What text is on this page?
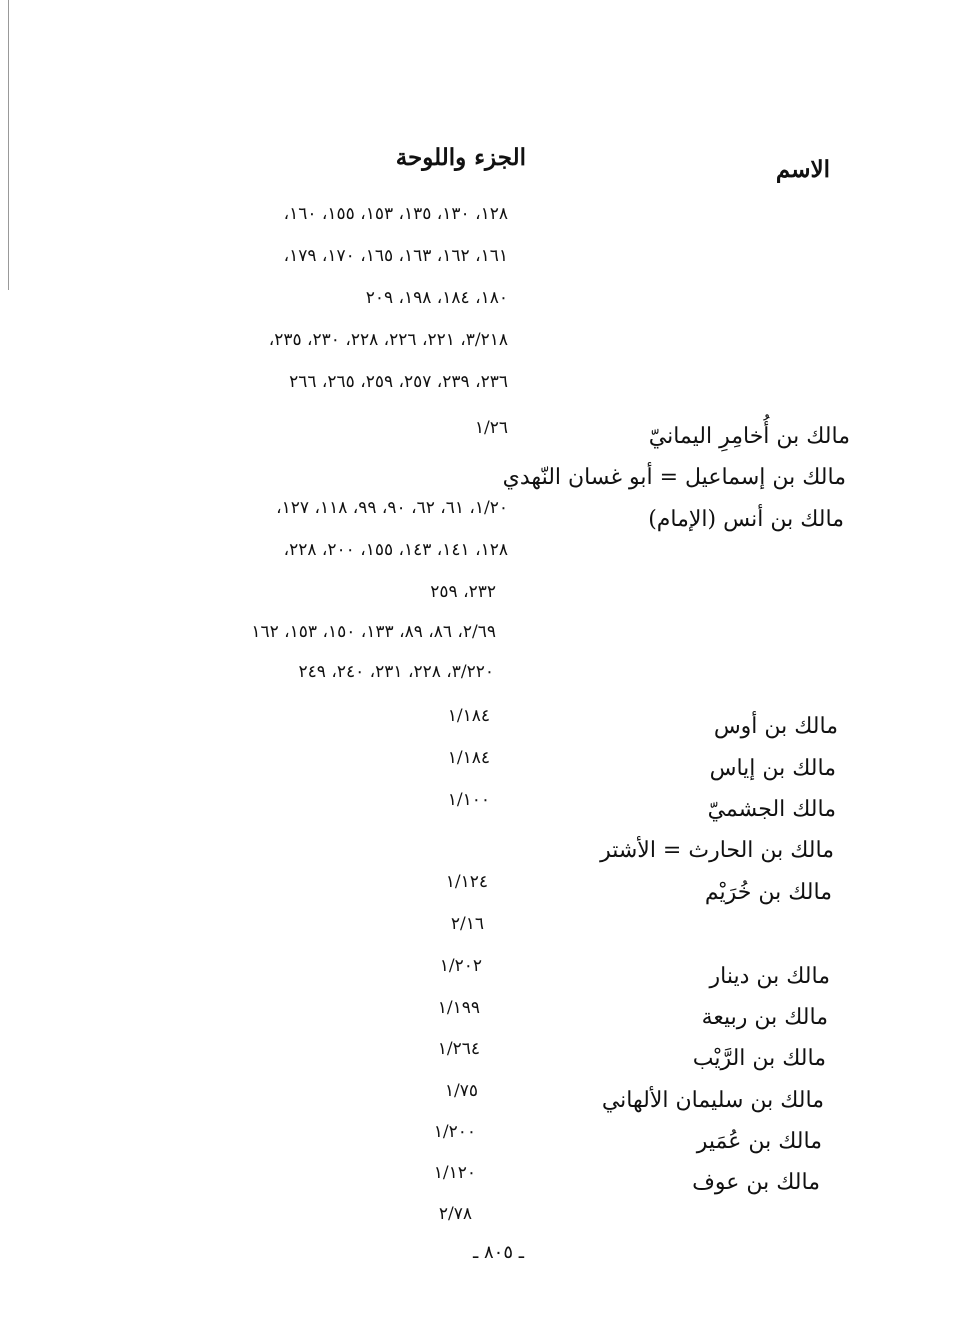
الاسم
الجزء واللوحة
١٢٨، ١٣٠، ١٣٥، ١٥٣، ١٥٥، ١٦٠،
١٦١، ١٦٢، ١٦٣، ١٦٥، ١٧٠، ١٧٩،
١٨٠، ١٨٤، ١٩٨، ٢٠٩
٣/٢١٨، ٢٢١، ٢٢٦، ٢٢٨، ٢٣٠، ٢٣٥،
٢٣٦، ٢٣٩، ٢٥٧، ٢٥٩، ٢٦٥، ٢٦٦
مالك بن أُخامِرِ اليمانيّ
١/٢٦
مالك بن إسماعيل = أبو غسان النّهدي
مالك بن أنس (الإمام)
١/٢٠، ٦١، ٦٢، ٩٠، ٩٩، ١١٨، ١٢٧،
١٢٨، ١٤١، ١٤٣، ١٥٥، ٢٠٠، ٢٢٨،
٢٣٢، ٢٥٩
٢/٦٩، ٨٦، ٨٩، ١٣٣، ١٥٠، ١٥٣، ١٦٢
٣/٢٢٠، ٢٢٨، ٢٣١، ٢٤٠، ٢٤٩
مالك بن أوس
١/١٨٤
مالك بن إياس
١/١٨٤
مالك الجشميّ
١/١٠٠
مالك بن الحارث = الأشتر
مالك بن خُرَيْم
١/١٢٤
٢/١٦
مالك بن دينار
١/٢٠٢
مالك بن ربيعة
١/١٩٩
مالك بن الرَّيْب
١/٢٦٤
مالك بن سليمان الألهاني
١/٧٥
مالك بن عُمَير
١/٢٠٠
مالك بن عوف
١/١٢٠
٢/٧٨
ـ ٨٠٥ ـ
